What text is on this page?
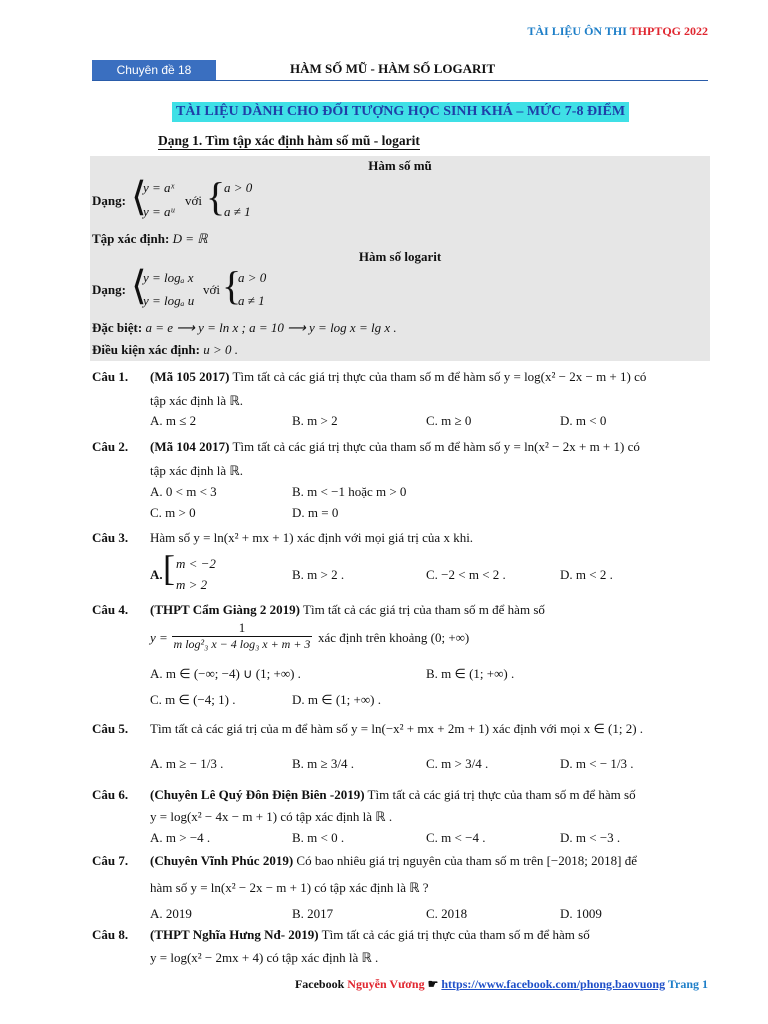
TÀI LIỆU ÔN THI THPTQG 2022
Chuyên đề 18	HÀM SỐ MŨ - HÀM SỐ LOGARIT
TÀI LIỆU DÀNH CHO ĐỐI TƯỢNG HỌC SINH KHÁ – MỨC 7-8 ĐIỂM
Dạng 1. Tìm tập xác định hàm số mũ - logarit
Hàm số mũ
Dạng: ⟨
y = aˣ
y = aᵘ
với {
a > 0
a ≠ 1
Tập xác định: D = ℝ
Hàm số logarit
Dạng: ⟨
y = logₐ x
y = logₐ u
với {
a > 0
a ≠ 1
Đặc biệt: a = e ⟶ y = ln x ; a = 10 ⟶ y = log x = lg x .
Điều kiện xác định: u > 0 .
Câu 1. (Mã 105 2017) Tìm tất cả các giá trị thực của tham số m để hàm số y = log(x² − 2x − m + 1) có
tập xác định là ℝ.
A. m ≤ 2	B. m > 2	C. m ≥ 0	D. m < 0
Câu 2. (Mã 104 2017) Tìm tất cả các giá trị thực của tham số m để hàm số y = ln(x² − 2x + m + 1) có
tập xác định là ℝ.
A. 0 < m < 3	B. m < −1 hoặc m > 0
C. m > 0	D. m = 0
Câu 3. Hàm số y = ln(x² + mx + 1) xác định với mọi giá trị của x khi.
A. [ m < −2
m > 2
B. m > 2 .	C. −2 < m < 2 .	D. m < 2 .
Câu 4. (THPT Cẩm Giàng 2 2019) Tìm tất cả các giá trị của tham số m để hàm số
$y = \frac{1}{\text{m log²₃ x − 4 log₃ x + m + 3}}$ xác định trên khoảng (0; +∞)
A. m ∈ (−∞; −4) ∪ (1; +∞) .	B. m ∈ (1; +∞) .
C. m ∈ (−4; 1) .	D. m ∈ (1; +∞) .
Câu 5. Tìm tất cả các giá trị của m để hàm số y = ln(−x² + mx + 2m + 1) xác định với mọi x ∈ (1; 2) .
A. m ≥ − 1/3 .	B. m ≥ 3/4 .	C. m > 3/4 .	D. m < − 1/3 .
Câu 6. (Chuyên Lê Quý Đôn Điện Biên -2019) Tìm tất cả các giá trị thực của tham số m để hàm số
y = log(x² − 4x − m + 1) có tập xác định là ℝ .
A. m > −4 .	B. m < 0 .	C. m < −4 .	D. m < −3 .
Câu 7. (Chuyên Vĩnh Phúc 2019) Có bao nhiêu giá trị nguyên của tham số m trên [−2018; 2018] để
hàm số y = ln(x² − 2x − m + 1) có tập xác định là ℝ ?
A. 2019	B. 2017	C. 2018	D. 1009
Câu 8. (THPT Nghĩa Hưng Nđ- 2019) Tìm tất cả các giá trị thực của tham số m để hàm số
y = log(x² − 2mx + 4) có tập xác định là ℝ .
Facebook Nguyễn Vương ☛ https://www.facebook.com/phong.baovuong Trang 1
